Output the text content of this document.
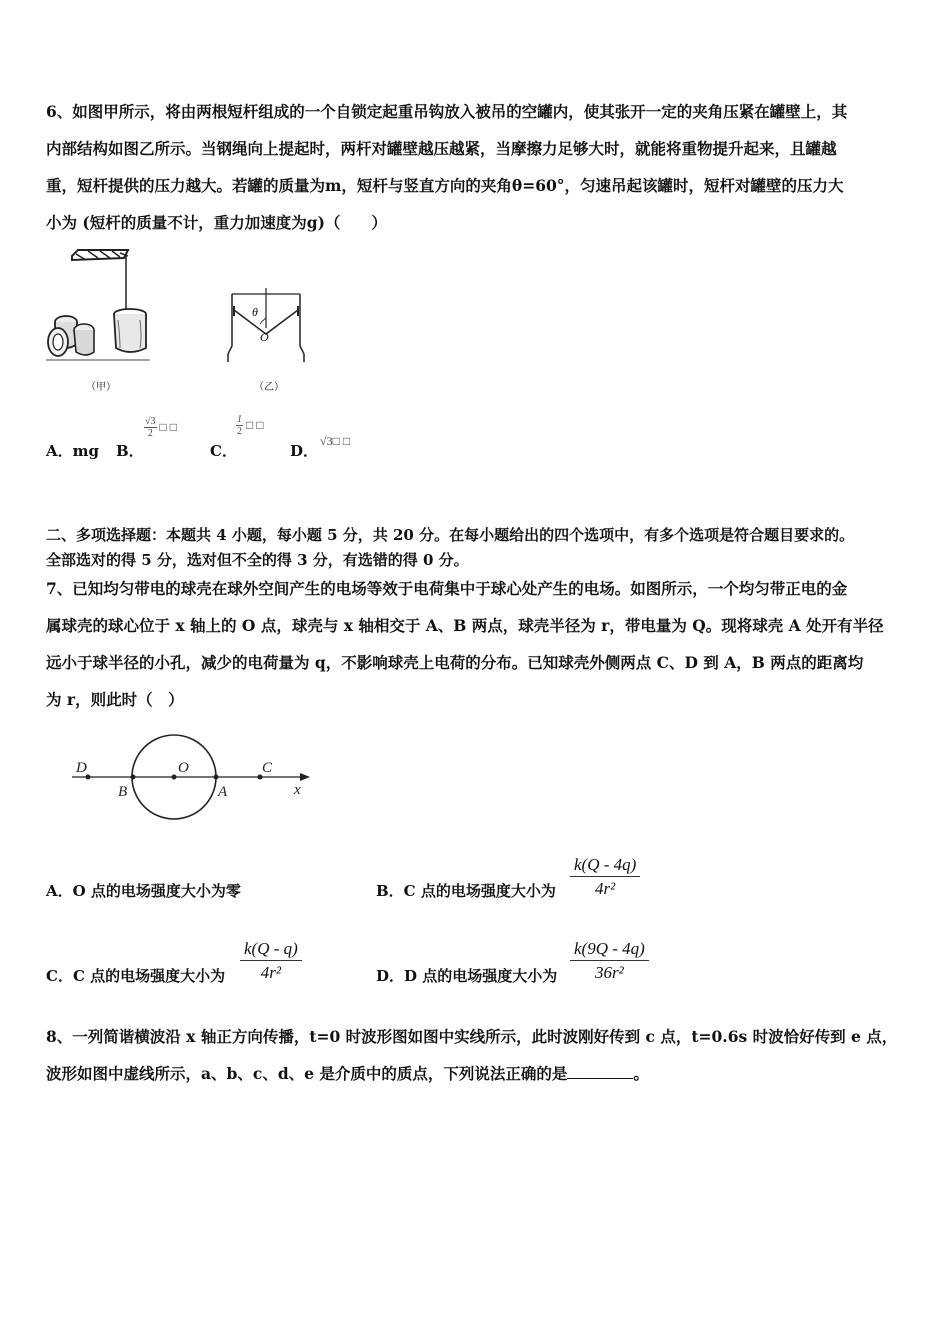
6、如图甲所示，将由两根短杆组成的一个自锁定起重吊钩放入被吊的空罐内，使其张开一定的夹角压紧在罐壁上，其
内部结构如图乙所示。当钢绳向上提起时，两杆对罐壁越压越紧，当摩擦力足够大时，就能将重物提升起来，且罐越
重，短杆提供的压力越大。若罐的质量为m，短杆与竖直方向的夹角θ=60°，匀速吊起该罐时，短杆对罐壁的压力大
小为 (短杆的质量不计，重力加速度为g)（　　）
（甲）
θ
O
（乙）
A．mg B．
$\frac{√3}{2}$ □ □
C．
$\frac{1}{2}$ □ □
D．
√3□ □
二、多项选择题：本题共 4 小题，每小题 5 分，共 20 分。在每小题给出的四个选项中，有多个选项是符合题目要求的。
全部选对的得 5 分，选对但不全的得 3 分，有选错的得 0 分。
7、已知均匀带电的球壳在球外空间产生的电场等效于电荷集中于球心处产生的电场。如图所示，一个均匀带正电的金
属球壳的球心位于 x 轴上的 O 点，球壳与 x 轴相交于 A、B 两点，球壳半径为 r，带电量为 Q。现将球壳 A 处开有半径
远小于球半径的小孔，减少的电荷量为 q，不影响球壳上电荷的分布。已知球壳外侧两点 C、D 到 A，B 两点的距离均
为 r，则此时（　）
D
B
O
A
C
x
A．O 点的电场强度大小为零	B．C 点的电场强度大小为 $\frac{k(Q - 4q)}{\text{4r²}}$
C．C 点的电场强度大小为 $\frac{k(Q - q)}{\text{4r²}}$	D．D 点的电场强度大小为 $\frac{k(9Q - 4q)}{\text{36r²}}$
8、一列简谐横波沿 x 轴正方向传播，t=0 时波形图如图中实线所示，此时波刚好传到 c 点，t=0.6s 时波恰好传到 e 点，
波形如图中虚线所示，a、b、c、d、e 是介质中的质点，下列说法正确的是	。
